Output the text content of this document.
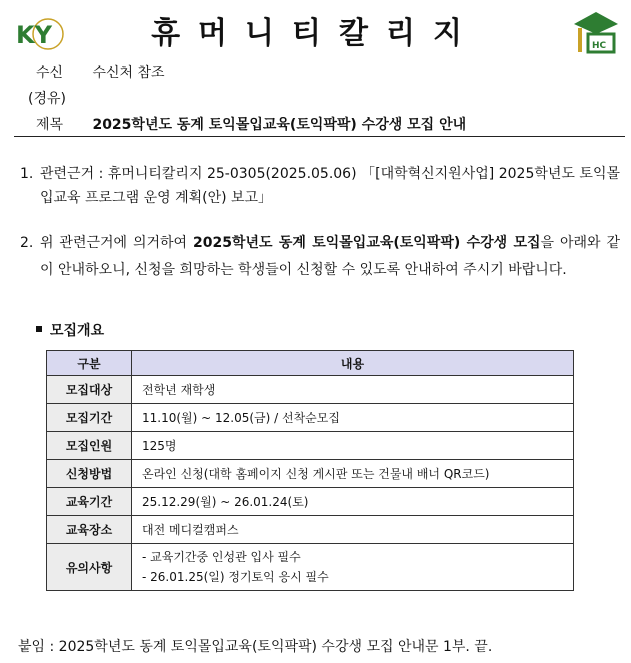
KY	휴머니티칼리지	HC
수신 수신처 참조
(경유)
제목 2025학년도 동계 토익몰입교육(토익팍팍) 수강생 모집 안내
1. 관련근거 : 휴머니티칼리지 25-0305(2025.05.06) 「[대학혁신지원사업] 2025학년도 토익몰입교육 프로그램 운영 계획(안) 보고」
2. 위 관련근거에 의거하여 2025학년도 동계 토익몰입교육(토익팍팍) 수강생 모집을 아래와 같이 안내하오니, 신청을 희망하는 학생들이 신청할 수 있도록 안내하여 주시기 바랍니다.
모집개요
구분	내용
모집대상	전학년 재학생
모집기간	11.10(월) ~ 12.05(금) / 선착순모집
모집인원	125명
신청방법	온라인 신청(대학 홈페이지 신청 게시판 또는 건물내 배너 QR코드)
교육기간	25.12.29(월) ~ 26.01.24(토)
교육장소	대전 메디컬캠퍼스
유의사항	- 교육기간중 인성관 입사 필수
- 26.01.25(일) 정기토익 응시 필수
붙임 : 2025학년도 동계 토익몰입교육(토익팍팍) 수강생 모집 안내문 1부. 끝.
